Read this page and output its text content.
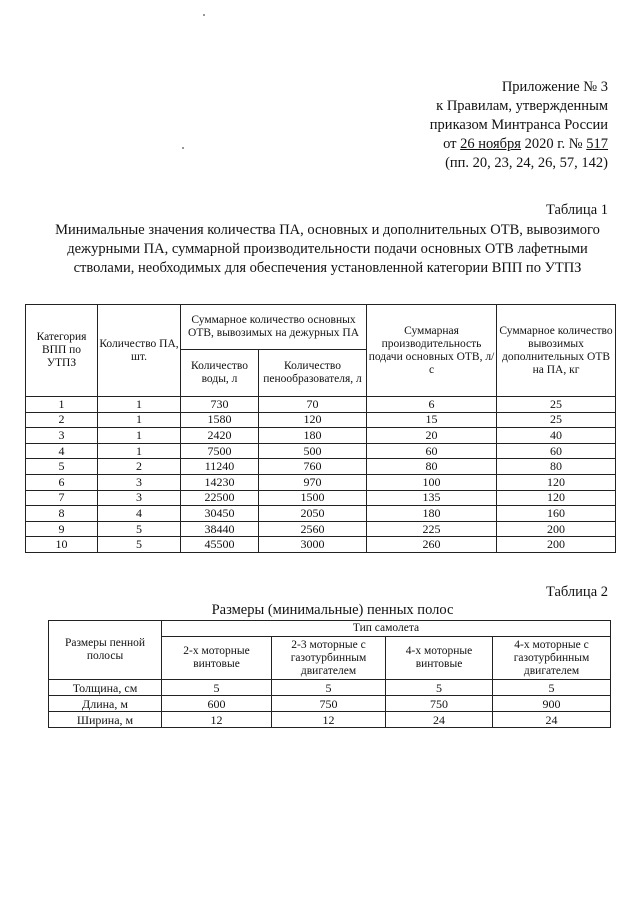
Приложение № 3
к Правилам, утвержденным
приказом Минтранса России
от 26 ноября 2020 г. № 517
(пп. 20, 23, 24, 26, 57, 142)
Таблица 1
Минимальные значения количества ПА, основных и дополнительных ОТВ, вывозимого дежурными ПА, суммарной производительности подачи основных ОТВ лафетными стволами, необходимых для обеспечения установленной категории ВПП по УТПЗ
Категория ВПП по УТПЗ	Количество ПА, шт.	Суммарное количество основных ОТВ, вывозимых на дежурных ПА		Суммарная производительность подачи основных ОТВ, л/с	Суммарное количество вывозимых дополнительных ОТВ на ПА, кг
		Количество воды, л	Количество пенообразователя, л		
1	1	730	70	6	25
2	1	1580	120	15	25
3	1	2420	180	20	40
4	1	7500	500	60	60
5	2	11240	760	80	80
6	3	14230	970	100	120
7	3	22500	1500	135	120
8	4	30450	2050	180	160
9	5	38440	2560	225	200
10	5	45500	3000	260	200
Таблица 2
Размеры (минимальные) пенных полос
Размеры пенной полосы	Тип самолета			
	2-х моторные винтовые	2-3 моторные с газотурбинным двигателем	4-х моторные винтовые	4-х моторные с газотурбинным двигателем
Толщина, см	5	5	5	5
Длина, м	600	750	750	900
Ширина, м	12	12	24	24
